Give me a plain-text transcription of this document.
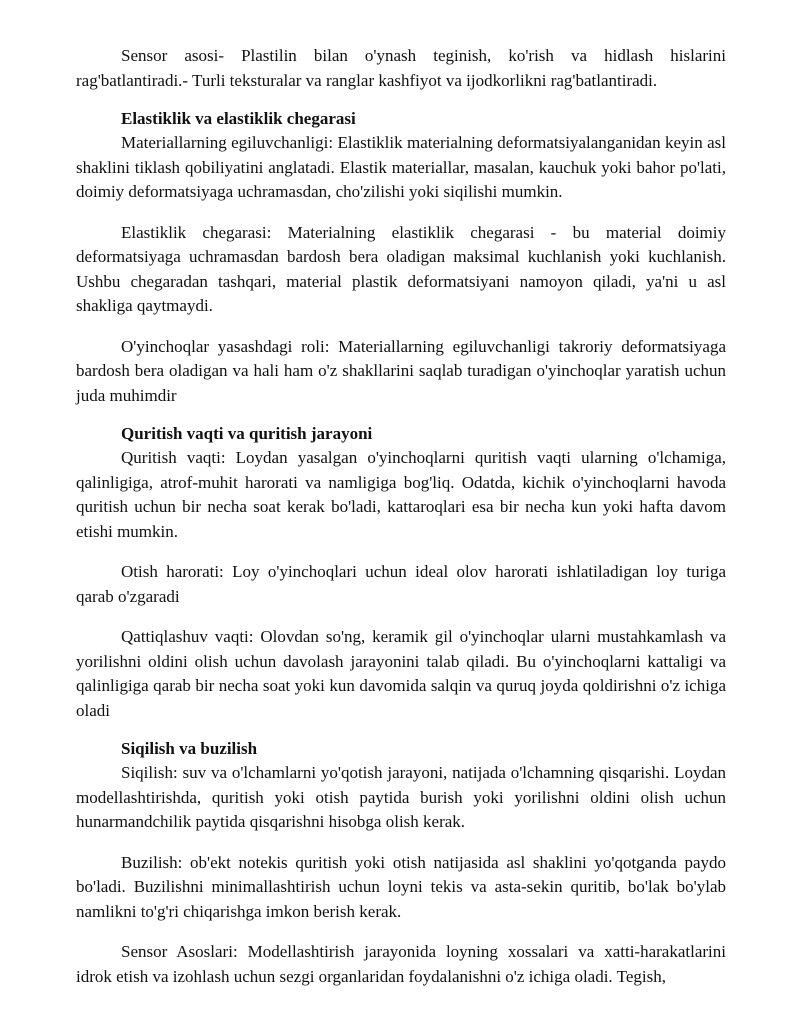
Sensor asosi- Plastilin bilan o'ynash teginish, ko'rish va hidlash hislarini rag'batlantiradi.- Turli teksturalar va ranglar kashfiyot va ijodkorlikni rag'batlantiradi.

Elastiklik va elastiklik chegarasi

Materiallarning egiluvchanligi: Elastiklik materialning deformatsiyalanganidan keyin asl shaklini tiklash qobiliyatini anglatadi. Elastik materiallar, masalan, kauchuk yoki bahor po'lati, doimiy deformatsiyaga uchramasdan, cho'zilishi yoki siqilishi mumkin.

Elastiklik chegarasi: Materialning elastiklik chegarasi - bu material doimiy deformatsiyaga uchramasdan bardosh bera oladigan maksimal kuchlanish yoki kuchlanish. Ushbu chegaradan tashqari, material plastik deformatsiyani namoyon qiladi, ya'ni u asl shakliga qaytmaydi.

O'yinchoqlar yasashdagi roli: Materiallarning egiluvchanligi takroriy deformatsiyaga bardosh bera oladigan va hali ham o'z shakllarini saqlab turadigan o'yinchoqlar yaratish uchun juda muhimdir

Quritish vaqti va quritish jarayoni

Quritish vaqti: Loydan yasalgan o'yinchoqlarni quritish vaqti ularning o'lchamiga, qalinligiga, atrof-muhit harorati va namligiga bog'liq. Odatda, kichik o'yinchoqlarni havoda quritish uchun bir necha soat kerak bo'ladi, kattaroqlari esa bir necha kun yoki hafta davom etishi mumkin.

Otish harorati: Loy o'yinchoqlari uchun ideal olov harorati ishlatiladigan loy turiga qarab o'zgaradi

Qattiqlashuv vaqti: Olovdan so'ng, keramik gil o'yinchoqlar ularni mustahkamlash va yorilishni oldini olish uchun davolash jarayonini talab qiladi. Bu o'yinchoqlarni kattaligi va qalinligiga qarab bir necha soat yoki kun davomida salqin va quruq joyda qoldirishni o'z ichiga oladi

Siqilish va buzilish

Siqilish: suv va o'lchamlarni yo'qotish jarayoni, natijada o'lchamning qisqarishi. Loydan modellashtirishda, quritish yoki otish paytida burish yoki yorilishni oldini olish uchun hunarmandchilik paytida qisqarishni hisobga olish kerak.

Buzilish: ob'ekt notekis quritish yoki otish natijasida asl shaklini yo'qotganda paydo bo'ladi. Buzilishni minimallashtirish uchun loyni tekis va asta-sekin quritib, bo'lak bo'ylab namlikni to'g'ri chiqarishga imkon berish kerak.

Sensor Asoslari: Modellashtirish jarayonida loyning xossalari va xatti-harakatlarini idrok etish va izohlash uchun sezgi organlaridan foydalanishni o'z ichiga oladi. Tegish,
